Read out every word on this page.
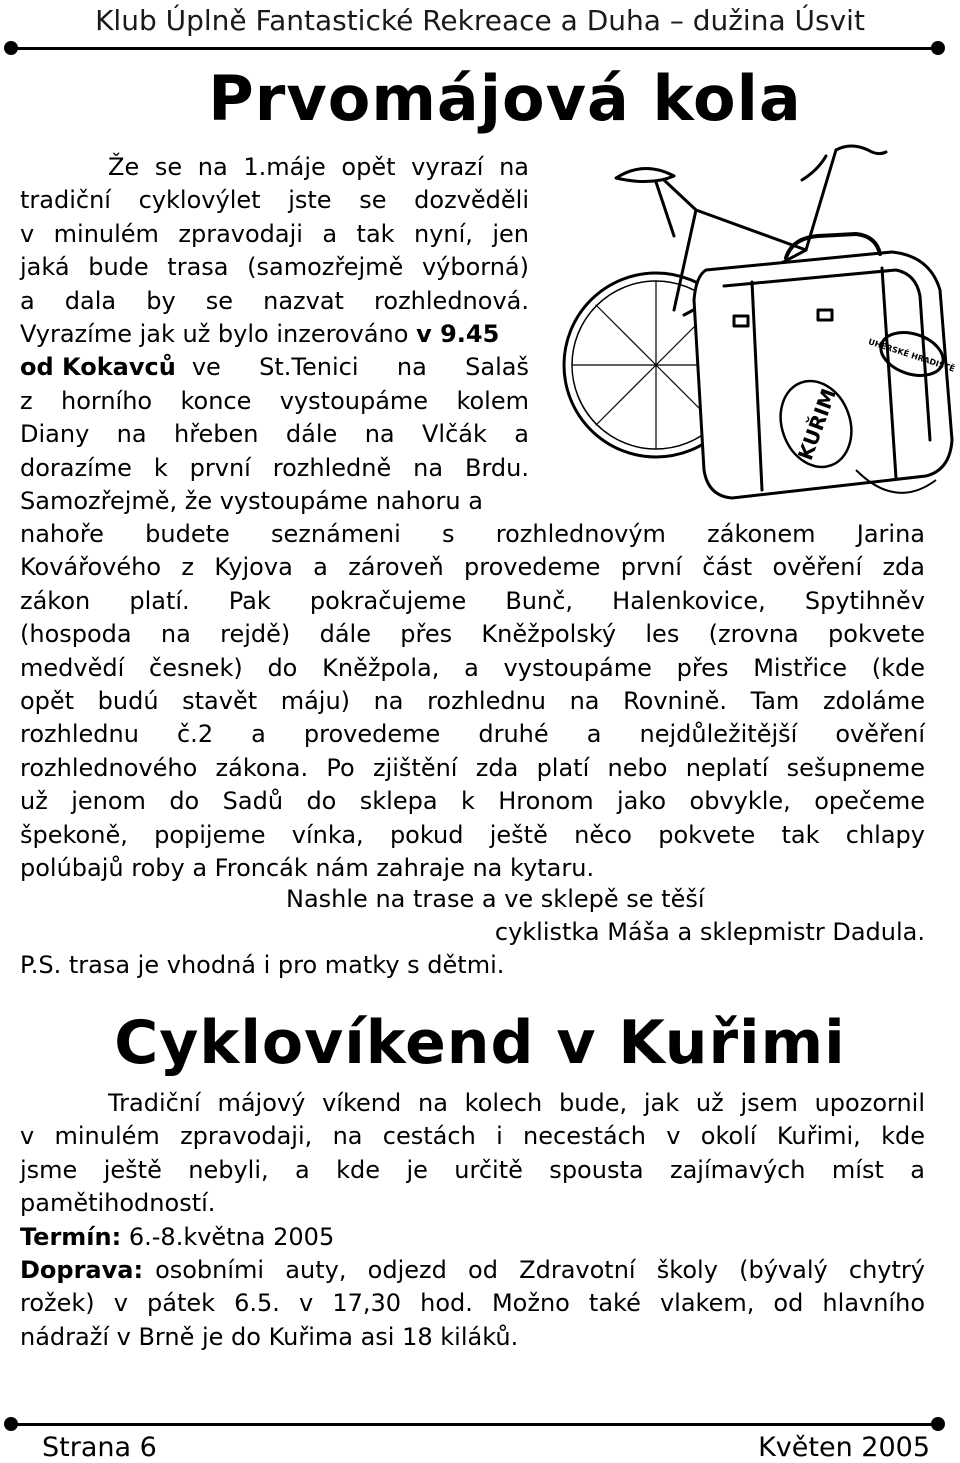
Klub Úplně Fantastické Rekreace a Duha – dužina Úsvit
Prvomájová kola
UHERSKÉ HRADIŠTĚ
KUŘIM
Že se na 1.máje opět vyrazí na
tradiční cyklovýlet jste se dozvěděli
v minulém zpravodaji a tak nyní, jen
jaká bude trasa (samozřejmě výborná)
a dala by se nazvat rozhlednová.
Vyrazíme jak už bylo inzerováno v 9.45
od Kokavců ve St.Tenici na Salaš
z horního konce vystoupáme kolem
Diany na hřeben dále na Vlčák a
dorazíme k první rozhledně na Brdu.
Samozřejmě, že vystoupáme nahoru a
nahoře budete seznámeni s rozhlednovým zákonem Jarina
Kovářového z Kyjova a zároveň provedeme první část ověření zda
zákon platí. Pak pokračujeme Bunč, Halenkovice, Spytihněv
(hospoda na rejdě) dále přes Kněžpolský les (zrovna pokvete
medvědí česnek) do Kněžpola, a vystoupáme přes Mistřice (kde
opět budú stavět máju) na rozhlednu na Rovnině. Tam zdoláme
rozhlednu č.2 a provedeme druhé a nejdůležitější ověření
rozhlednového zákona. Po zjištění zda platí nebo neplatí sešupneme
už jenom do Sadů do sklepa k Hronom jako obvykle, opečeme
špekoně, popijeme vínka, pokud ještě něco pokvete tak chlapy
polúbajů roby a Froncák nám zahraje na kytaru.
Nashle na trase a ve sklepě se těší
cyklistka Máša a sklepmistr Dadula.
P.S. trasa je vhodná i pro matky s dětmi.
Cyklovíkend v Kuřimi
Tradiční májový víkend na kolech bude, jak už jsem upozornil
v minulém zpravodaji, na cestách i necestách v okolí Kuřimi, kde
jsme ještě nebyli, a kde je určitě spousta zajímavých míst a
pamětihodností.
Termín: 6.-8.května 2005
Doprava: osobními auty, odjezd od Zdravotní školy (bývalý chytrý
rožek) v pátek 6.5. v 17,30 hod. Možno také vlakem, od hlavního
nádraží v Brně je do Kuřima asi 18 kiláků.
Strana 6	Květen 2005
